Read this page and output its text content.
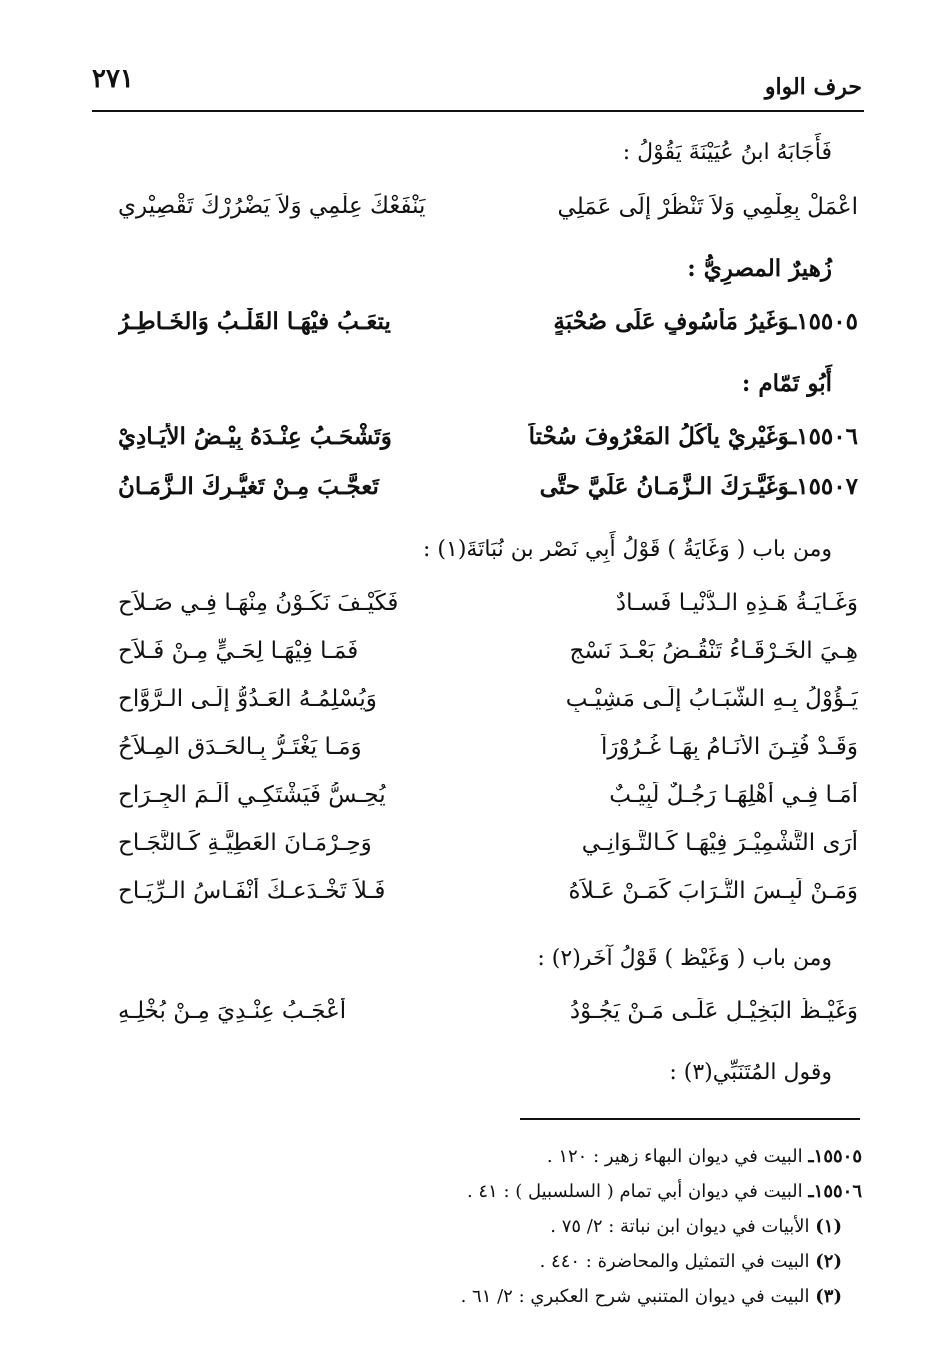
حرف الواو
٢٧١
فَأَجَابَهُ ابنُ عُيَيْنَةَ يَقُوْلُ :
اعْمَلْ بِعِلْمِي وَلاَ تَنْظُرْ إِلَى عَمَلِي
يَنْفَعْكَ عِلْمِي وَلاَ يَضْرُرْكَ تَقْصِيْرِي
زُهيرٌ المصرِيُّ :
١٥٥٠٥ـوَغَيرُ مَأْسُوفٍ عَلَى صُحْبَةٍ
يتعَـبُ فيْهَـا القَلْـبُ وَالخَـاطِـرُ
أَبُو تَمّام :
١٥٥٠٦ـوَغَيْرِيْ يأْكُلُ المَعْرُوفَ سُحْتاً
وَتَشْحَـبُ عِنْـدَهُ بِيْـضُ الأَيَـادِيْ
١٥٥٠٧ـوَغَيَّـرَكَ الـزَّمَـانُ عَلَيَّ حتَّى
تَعجَّـبَ مِـنْ تَغيُّـرِكَ الـزَّمَـانُ
ومن باب ( وَغَايَةُ ) قَوْلُ أَبِي نَصْر بن نُبَاتَةَ(١) :
وَغَـايَـةُ هَـذِهِ الـدُّنْيـا فَسـادٌ
فَكَيْـفَ نَكُـوْنُ مِنْهَـا فِـي صَـلاَحِ
هِـيَ الخَـرْقَـاءُ تَنْقُـضُ بَعْـدَ نَسْجٍ
فَمَـا فِيْهَـا لِحَـيٍّ مِـنْ فَـلاَحِ
يَـؤُوْلُ بِـهِ الشَّبَـابُ إِلَـى مَشِيْـبٍ
وَيُسْلِمُـهُ العَـدُوُّ إِلَـى الـرَّوَّاحِ
وَقَـدْ فُتِـنَ الأَنَـامُ بِهَـا غُـرُوْرَاً
وَمَـا يَغْتَـرُّ بِـالحَـدَقِ المِـلاَحُ
أَمَـا فِـي أَهْلِهَـا رَجُـلٌ لَبِيْـبٌ
يُحِـسُّ فَيَشْتَكِـي أَلَـمَ الجِـرَاحِ
أَرَى التَّشْمِيْـرَ فِيْهَـا كَـالتَّـوَانِـي
وَحِـرْمَـانَ العَطِيَّـةِ كَـالنَّجَـاحِ
وَمَـنْ لَبِـسَ التُّـرَابَ كَمَـنْ عَـلاَهُ
فَـلاَ تَخْـدَعـكَ أَنْفَـاسُ الـرِّيَـاحِ
ومن باب ( وَغَيْظ ) قَوْلُ آخَر(٢) :
وَغَيْـظُ البَخِيْـلِ عَلَـى مَـنْ يَجُـوْدُ
أَعْجَـبُ عِنْـدِيَ مِـنْ بُخْلِـهِ
وقول المُتَنَبِّي(٣) :
١٥٥٠٥ـ البيت في ديوان البهاء زهير : ١٢٠ .
١٥٥٠٦ـ البيت في ديوان أبي تمام ( السلسبيل ) : ٤١ .
(١) الأبيات في ديوان ابن نباتة : ٢/ ٧٥ .
(٢) البيت في التمثيل والمحاضرة : ٤٤٠ .
(٣) البيت في ديوان المتنبي شرح العكبري : ٢/ ٦١ .
